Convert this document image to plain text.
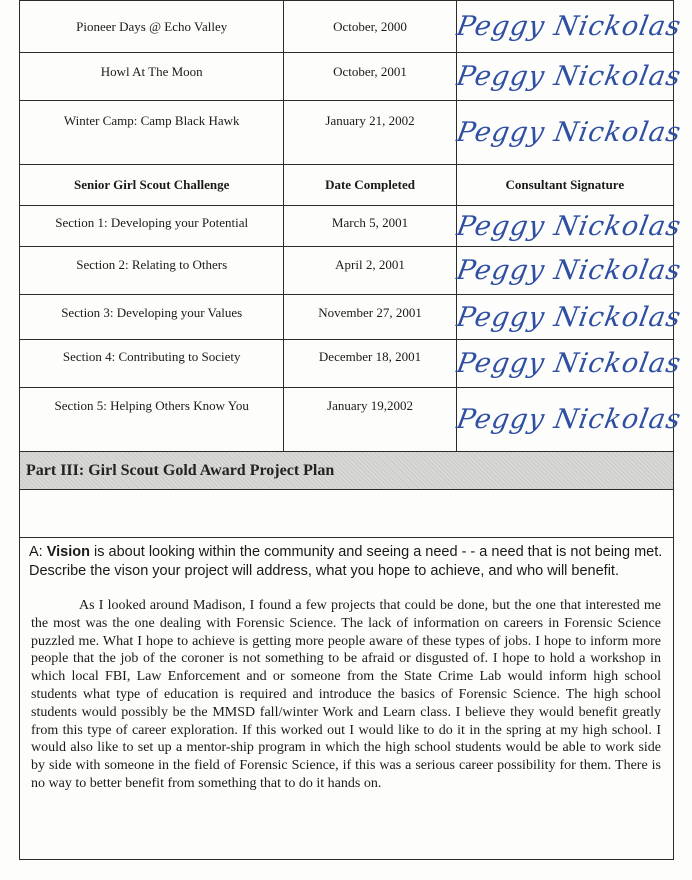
Pioneer Days @ Echo Valley	October, 2000	Peggy Nickolas

Howl At The Moon	October, 2001	Peggy Nickolas

Winter Camp: Camp Black Hawk	January 21, 2002	Peggy Nickolas

Senior Girl Scout Challenge	Date Completed	Consultant Signature

Section 1: Developing your Potential	March 5, 2001	Peggy Nickolas

Section 2: Relating to Others	April 2, 2001	Peggy Nickolas

Section 3: Developing your Values	November 27, 2001	Peggy Nickolas

Section 4: Contributing to Society	December 18, 2001	Peggy Nickolas

Section 5: Helping Others Know You	January 19,2002	Peggy Nickolas
Part III: Girl Scout Gold Award Project Plan
A: Vision is about looking within the community and seeing a need - - a need that is not being met. Describe the vison your project will address, what you hope to achieve, and who will benefit.
As I looked around Madison, I found a few projects that could be done, but the one that interested me the most was the one dealing with Forensic Science. The lack of information on careers in Forensic Science puzzled me. What I hope to achieve is getting more people aware of these types of jobs. I hope to inform more people that the job of the coroner is not something to be afraid or disgusted of. I hope to hold a workshop in which local FBI, Law Enforcement and or someone from the State Crime Lab would inform high school students what type of education is required and introduce the basics of Forensic Science. The high school students would possibly be the MMSD fall/winter Work and Learn class. I believe they would benefit greatly from this type of career exploration. If this worked out I would like to do it in the spring at my high school. I would also like to set up a mentor-ship program in which the high school students would be able to work side by side with someone in the field of Forensic Science, if this was a serious career possibility for them. There is no way to better benefit from something that to do it hands on.
